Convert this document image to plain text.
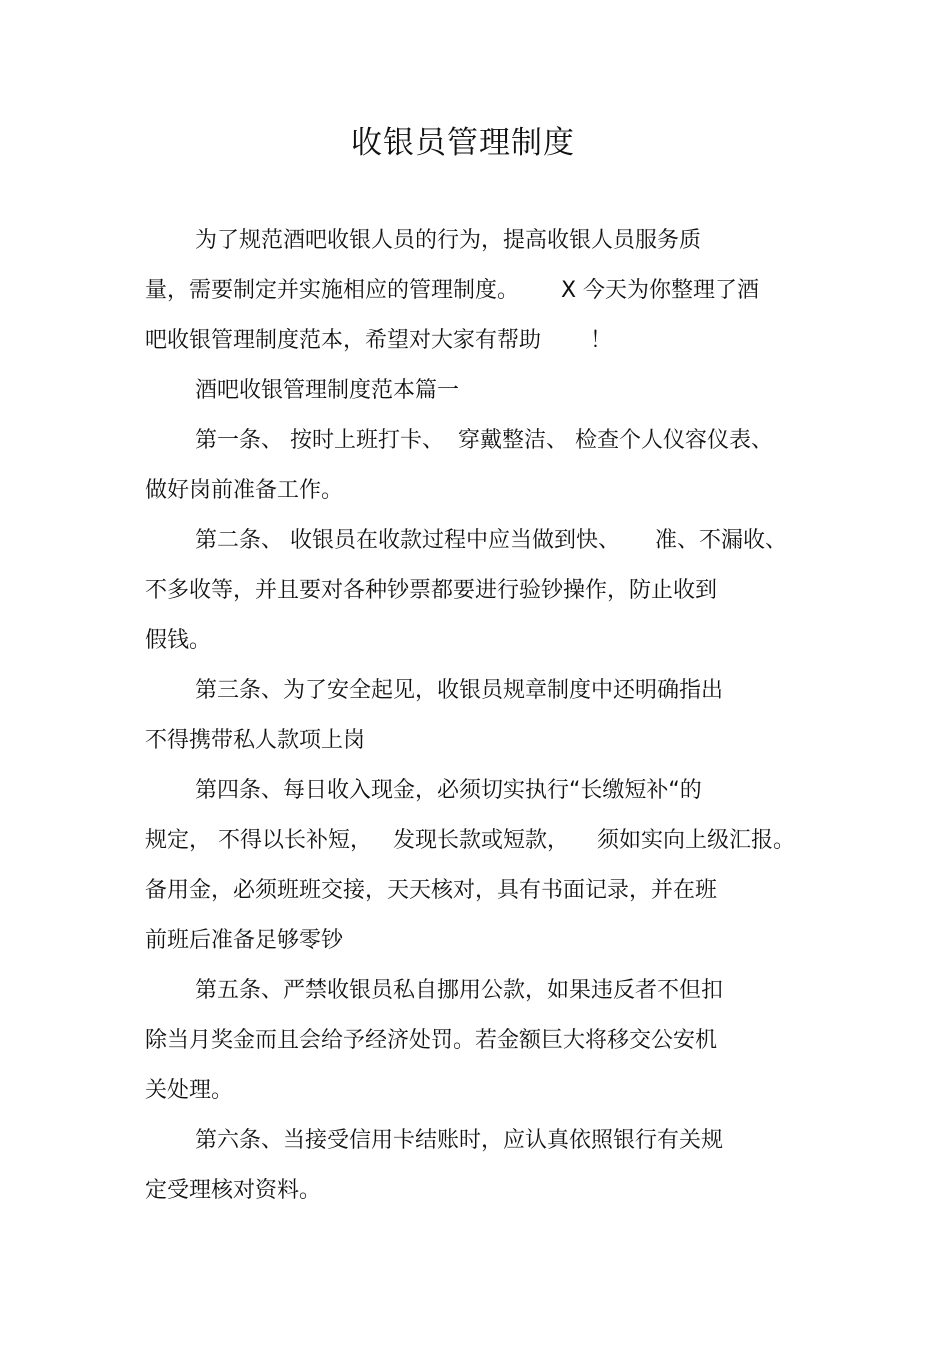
收银员管理制度
为了规范酒吧收银人员的行为，提高收银人员服务质
量，需要制定并实施相应的管理制度。      X 今天为你整理了酒
吧收银管理制度范本，希望对大家有帮助       ！
酒吧收银管理制度范本篇一
第一条、 按时上班打卡、  穿戴整洁、 检查个人仪容仪表、
做好岗前准备工作。
第二条、 收银员在收款过程中应当做到快、     准、不漏收、
不多收等，并且要对各种钞票都要进行验钞操作，防止收到
假钱。
第三条、为了安全起见，收银员规章制度中还明确指出
不得携带私人款项上岗
第四条、每日收入现金，必须切实执行“长缴短补“的
规定， 不得以长补短，   发现长款或短款，    须如实向上级汇报。
备用金，必须班班交接，天天核对，具有书面记录，并在班
前班后准备足够零钞
第五条、严禁收银员私自挪用公款，如果违反者不但扣
除当月奖金而且会给予经济处罚。若金额巨大将移交公安机
关处理。
第六条、当接受信用卡结账时，应认真依照银行有关规
定受理核对资料。
